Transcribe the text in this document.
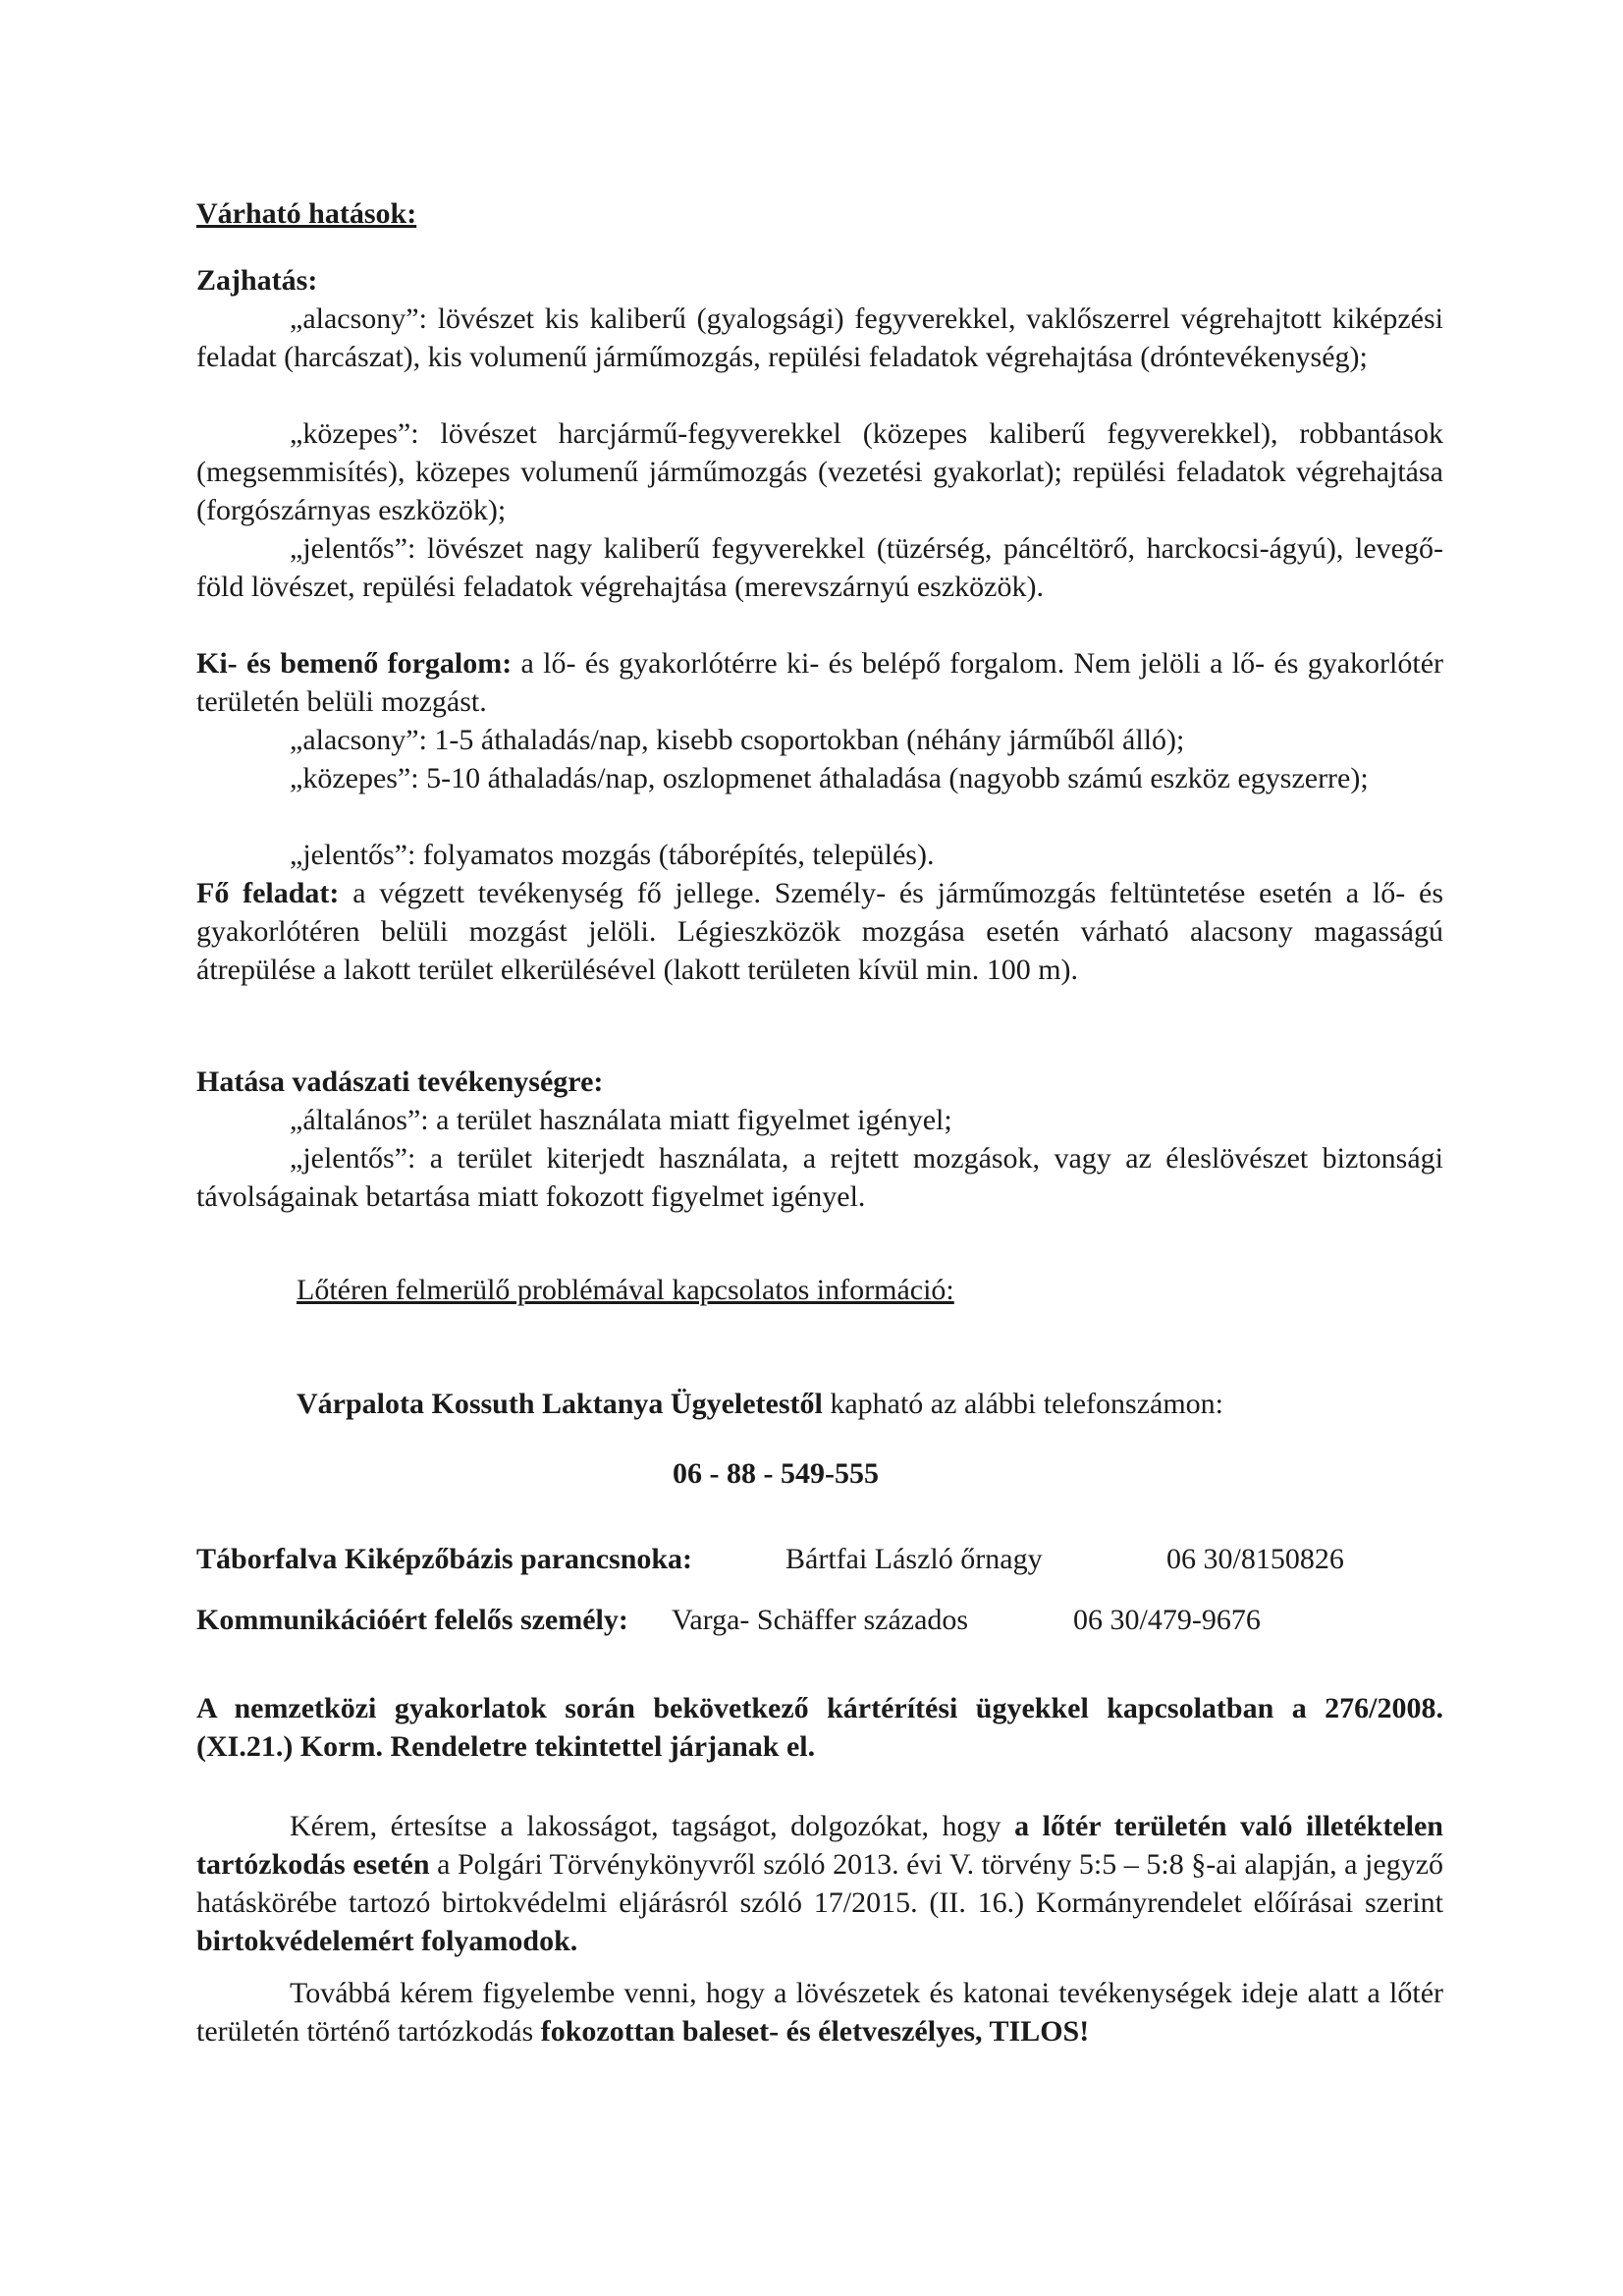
Várható hatások:

Zajhatás:

„alacsony”: lövészet kis kaliberű (gyalogsági) fegyverekkel, vaklőszerrel végrehajtott kiképzési feladat (harcászat), kis volumenű járműmozgás, repülési feladatok végrehajtása (dróntevékenység);

„közepes”: lövészet harcjármű-fegyverekkel (közepes kaliberű fegyverekkel), robbantások (megsemmisítés), közepes volumenű járműmozgás (vezetési gyakorlat); repülési feladatok végrehajtása (forgószárnyas eszközök);

„jelentős”: lövészet nagy kaliberű fegyverekkel (tüzérség, páncéltörő, harckocsi-ágyú), levegő-föld lövészet, repülési feladatok végrehajtása (merevszárnyú eszközök).

Ki- és bemenő forgalom: a lő- és gyakorlótérre ki- és belépő forgalom. Nem jelöli a lő- és gyakorlótér területén belüli mozgást.

„alacsony”: 1-5 áthaladás/nap, kisebb csoportokban (néhány járműből álló);

„közepes”: 5-10 áthaladás/nap, oszlopmenet áthaladása (nagyobb számú eszköz egyszerre);

„jelentős”: folyamatos mozgás (táborépítés, település).

Fő feladat: a végzett tevékenység fő jellege. Személy- és járműmozgás feltüntetése esetén a lő- és gyakorlótéren belüli mozgást jelöli. Légieszközök mozgása esetén várható alacsony magasságú átrepülése a lakott terület elkerülésével (lakott területen kívül min. 100 m).

Hatása vadászati tevékenységre:

„általános”: a terület használata miatt figyelmet igényel;

„jelentős”: a terület kiterjedt használata, a rejtett mozgások, vagy az éleslövészet biztonsági távolságainak betartása miatt fokozott figyelmet igényel.

Lőtéren felmerülő problémával kapcsolatos információ:

Várpalota Kossuth Laktanya Ügyeletestől kapható az alábbi telefonszámon:

06 - 88 - 549-555

Táborfalva Kiképzőbázis parancsnoka:	Bártfai László őrnagy	06 30/8150826
Kommunikációért felelős személy: Varga- Schäffer százados	06 30/479-9676

A nemzetközi gyakorlatok során bekövetkező kártérítési ügyekkel kapcsolatban a 276/2008. (XI.21.) Korm. Rendeletre tekintettel járjanak el.

Kérem, értesítse a lakosságot, tagságot, dolgozókat, hogy a lőtér területén való illetéktelen tartózkodás esetén a Polgári Törvénykönyvről szóló 2013. évi V. törvény 5:5 – 5:8 §-ai alapján, a jegyző hatáskörébe tartozó birtokvédelmi eljárásról szóló 17/2015. (II. 16.) Kormányrendelet előírásai szerint birtokvédelemért folyamodok.

Továbbá kérem figyelembe venni, hogy a lövészetek és katonai tevékenységek ideje alatt a lőtér területén történő tartózkodás fokozottan baleset- és életveszélyes, TILOS!
